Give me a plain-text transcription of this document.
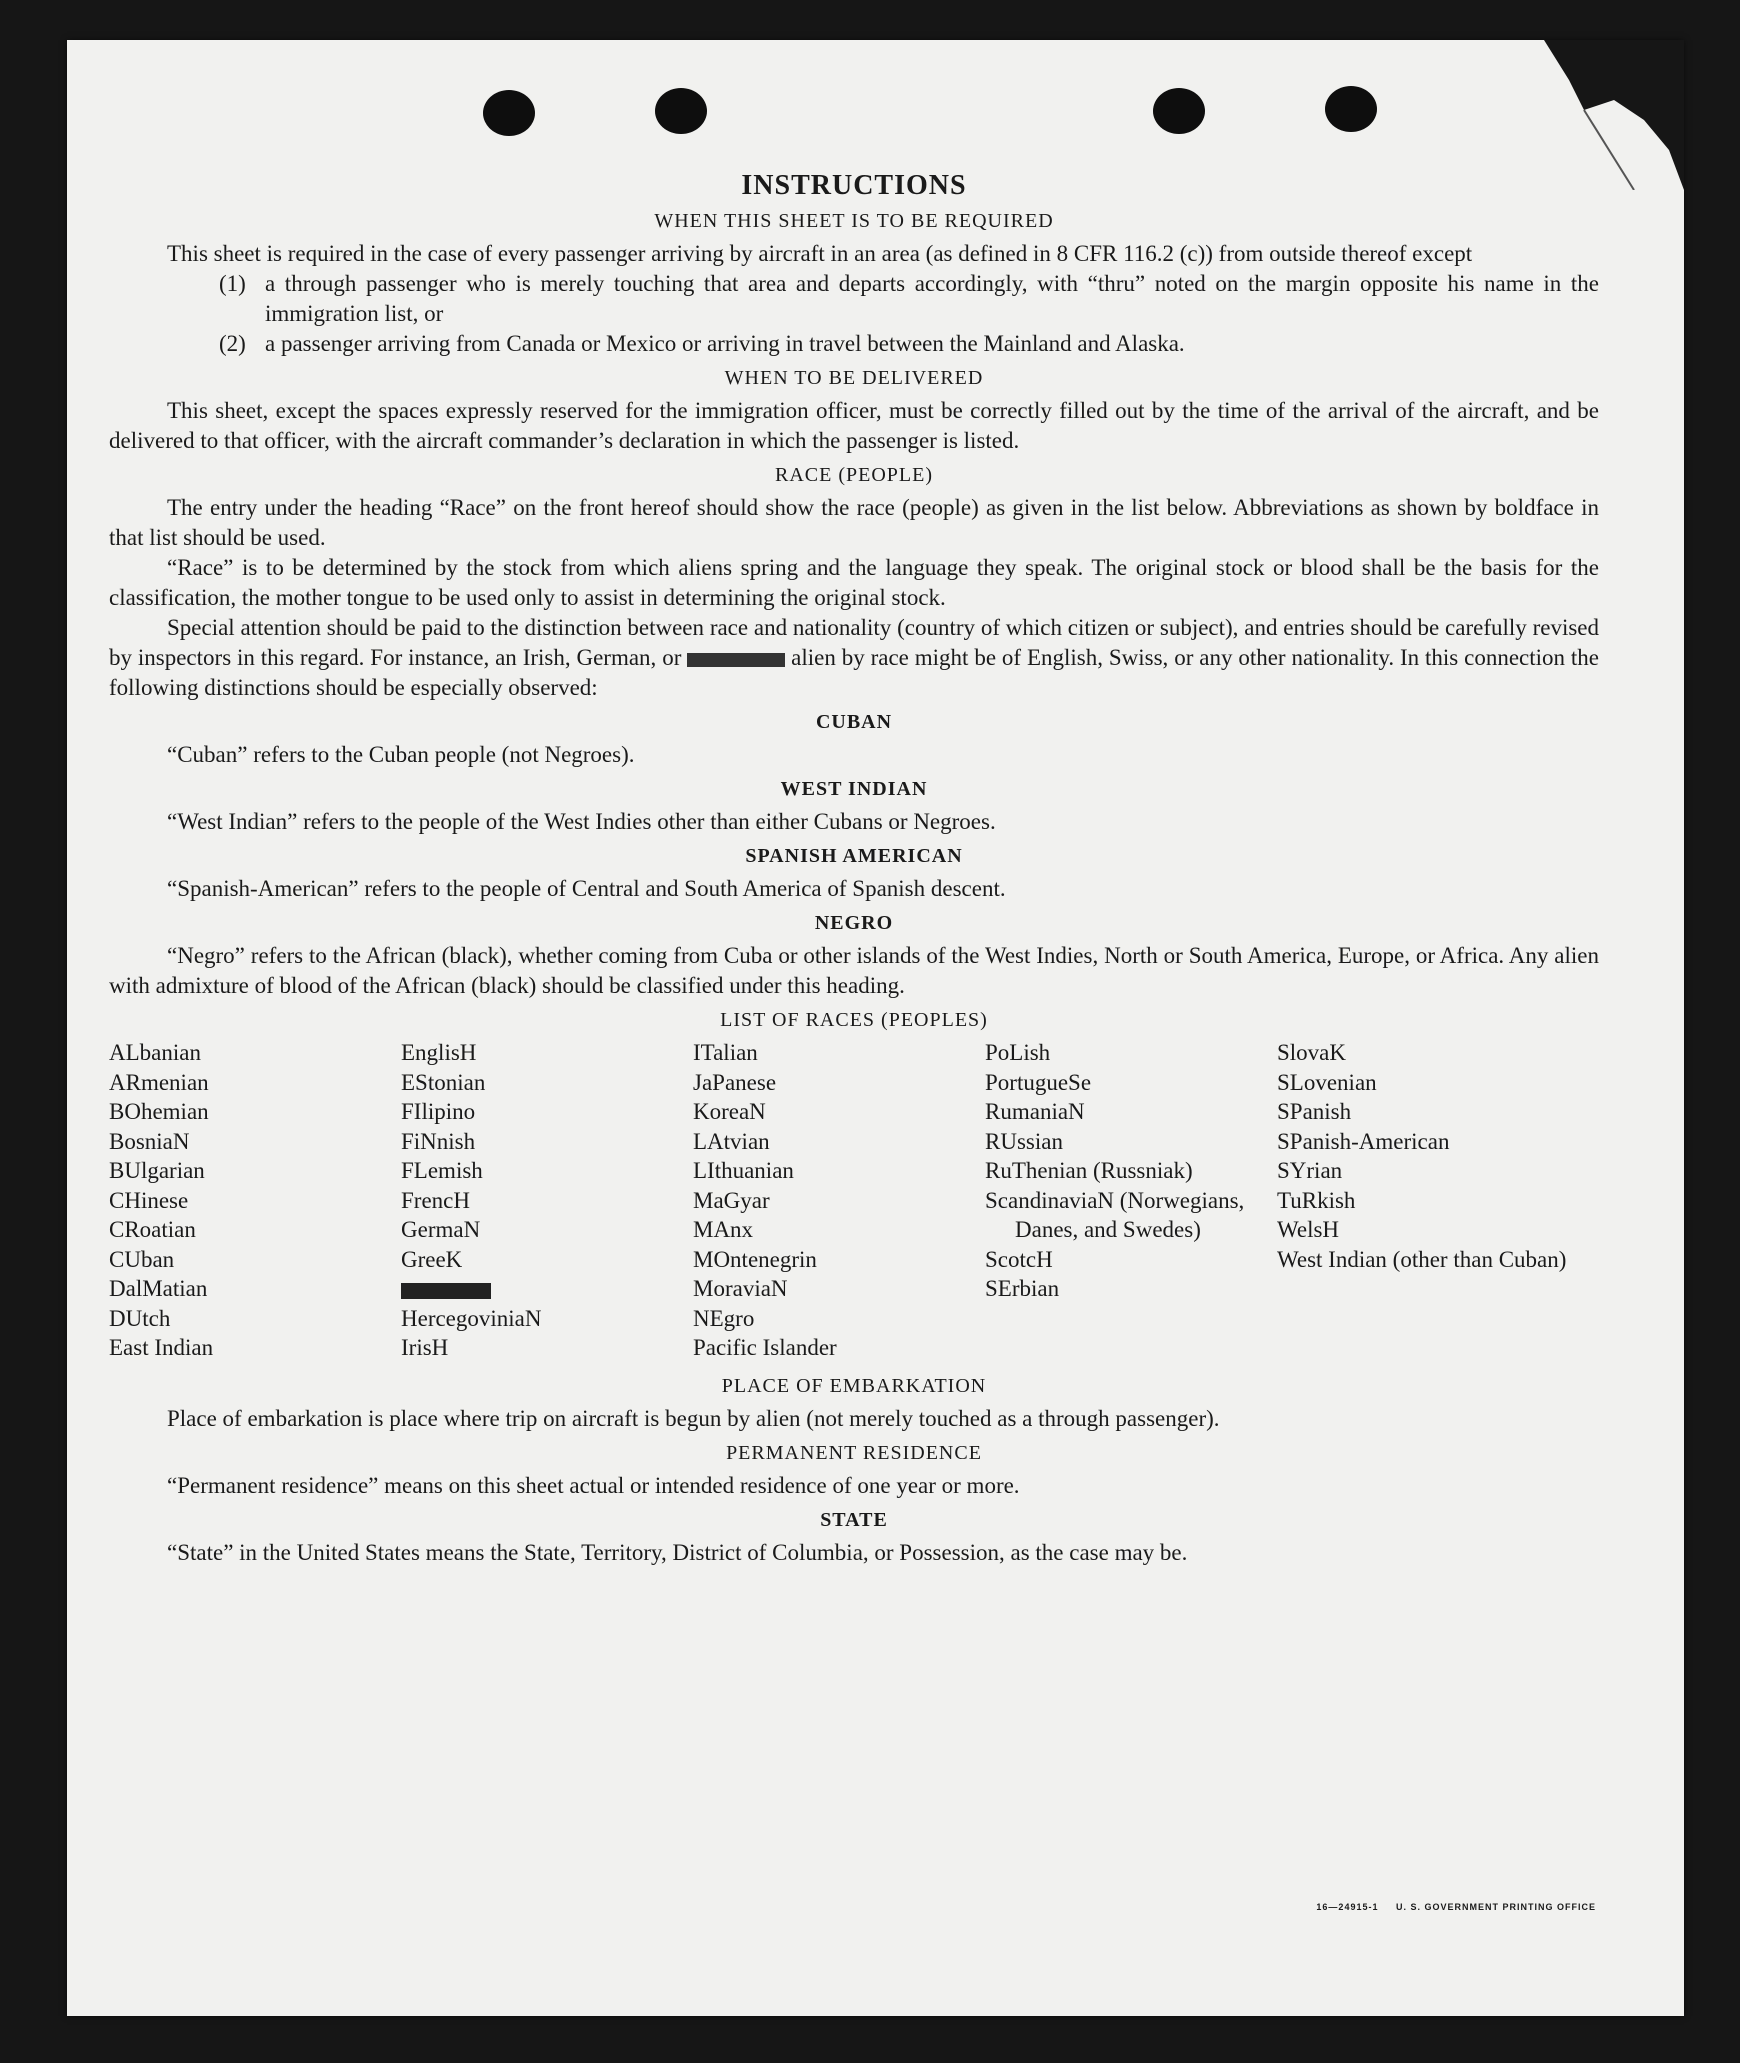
INSTRUCTIONS
WHEN THIS SHEET IS TO BE REQUIRED

This sheet is required in the case of every passenger arriving by aircraft in an area (as defined in 8 CFR 116.2 (c)) from outside thereof except

(1) a through passenger who is merely touching that area and departs accordingly, with “thru” noted on the margin opposite his name in the immigration list, or
(2) a passenger arriving from Canada or Mexico or arriving in travel between the Mainland and Alaska.
WHEN TO BE DELIVERED

This sheet, except the spaces expressly reserved for the immigration officer, must be correctly filled out by the time of the arrival of the aircraft, and be delivered to that officer, with the aircraft commander’s declaration in which the passenger is listed.

RACE (PEOPLE)

The entry under the heading “Race” on the front hereof should show the race (people) as given in the list below. Abbreviations as shown by boldface in that list should be used.

“Race” is to be determined by the stock from which aliens spring and the language they speak. The original stock or blood shall be the basis for the classification, the mother tongue to be used only to assist in determining the original stock.

Special attention should be paid to the distinction between race and nationality (country of which citizen or subject), and entries should be carefully revised by inspectors in this regard. For instance, an Irish, German, or	alien by race might be of English, Swiss, or any other nationality. In this connection the following distinctions should be especially observed:

CUBAN

“Cuban” refers to the Cuban people (not Negroes).

WEST INDIAN

“West Indian” refers to the people of the West Indies other than either Cubans or Negroes.

SPANISH AMERICAN

“Spanish-American” refers to the people of Central and South America of Spanish descent.

NEGRO

“Negro” refers to the African (black), whether coming from Cuba or other islands of the West Indies, North or South America, Europe, or Africa. Any alien with admixture of blood of the African (black) should be classified under this heading.

LIST OF RACES (PEOPLES)
ALbanian
ARmenian
BOhemian
BosniaN
BUlgarian
CHinese
CRoatian
CUban
DalMatian
DUtch
East Indian
EnglisH
EStonian
FIlipino
FiNnish
FLemish
FrencH
GermaN
GreeK
HercegoviniaN
IrisH
ITalian
JaPanese
KoreaN
LAtvian
LIthuanian
MaGyar
MAnx
MOntenegrin
MoraviaN
NEgro
Pacific Islander
PoLish
PortugueSe
RumaniaN
RUssian
RuThenian (Russniak)
ScandinaviaN (Norwegians, Danes, and Swedes)
ScotcH
SErbian
SlovaK
SLovenian
SPanish
SPanish-American
SYrian
TuRkish
WelsH
West Indian (other than Cuban)
PLACE OF EMBARKATION

Place of embarkation is place where trip on aircraft is begun by alien (not merely touched as a through passenger).

PERMANENT RESIDENCE

“Permanent residence” means on this sheet actual or intended residence of one year or more.

STATE

“State” in the United States means the State, Territory, District of Columbia, or Possession, as the case may be.

16—24915-1 U. S. GOVERNMENT PRINTING OFFICE
